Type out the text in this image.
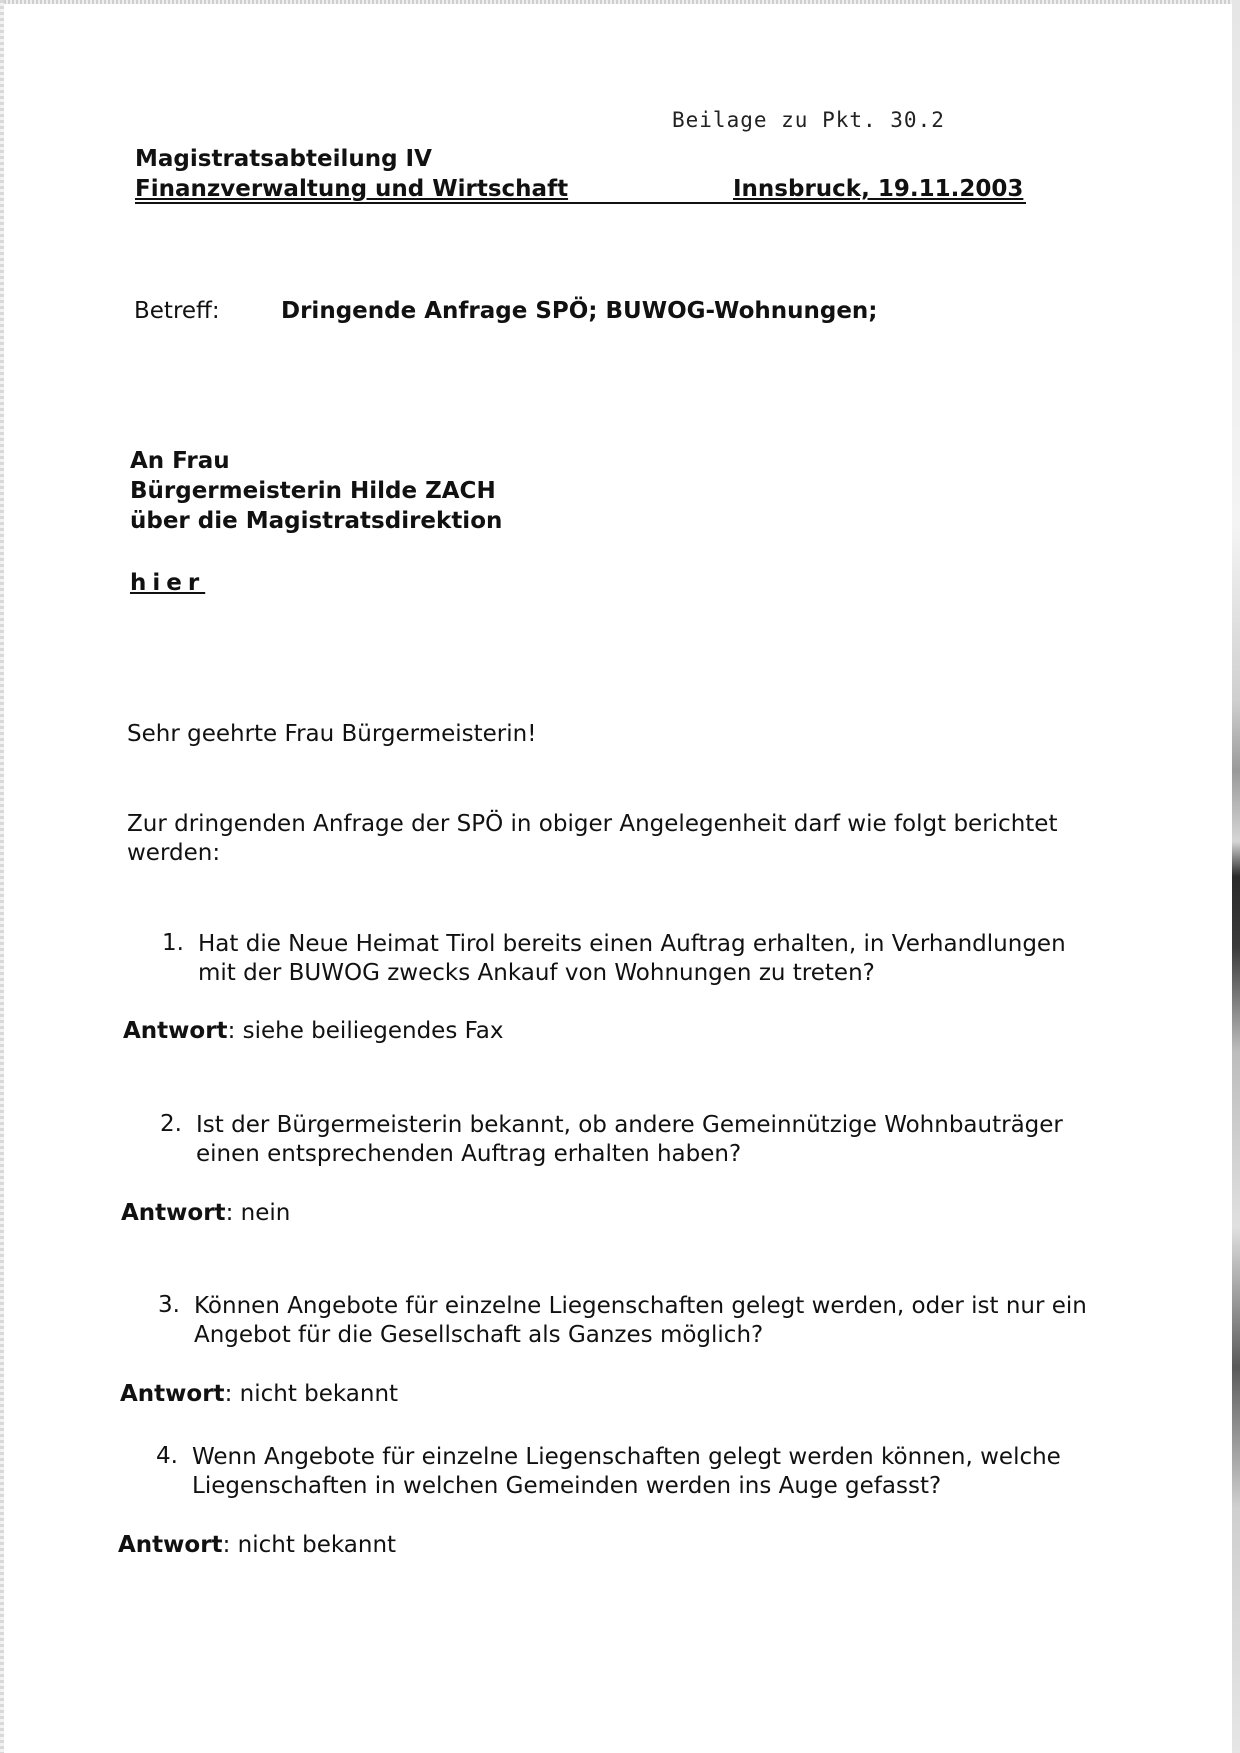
Beilage zu Pkt. 30.2
Magistratsabteilung IV
Finanzverwaltung und Wirtschaft	Innsbruck, 19.11.2003
Betreff:	Dringende Anfrage SPÖ; BUWOG-Wohnungen;
An Frau
Bürgermeisterin Hilde ZACH
über die Magistratsdirektion
hier
Sehr geehrte Frau Bürgermeisterin!
Zur dringenden Anfrage der SPÖ in obiger Angelegenheit darf wie folgt berichtet
werden:
1. Hat die Neue Heimat Tirol bereits einen Auftrag erhalten, in Verhandlungen
mit der BUWOG zwecks Ankauf von Wohnungen zu treten?
Antwort: siehe beiliegendes Fax
2. Ist der Bürgermeisterin bekannt, ob andere Gemeinnützige Wohnbauträger
einen entsprechenden Auftrag erhalten haben?
Antwort: nein
3. Können Angebote für einzelne Liegenschaften gelegt werden, oder ist nur ein
Angebot für die Gesellschaft als Ganzes möglich?
Antwort: nicht bekannt
4. Wenn Angebote für einzelne Liegenschaften gelegt werden können, welche
Liegenschaften in welchen Gemeinden werden ins Auge gefasst?
Antwort: nicht bekannt
